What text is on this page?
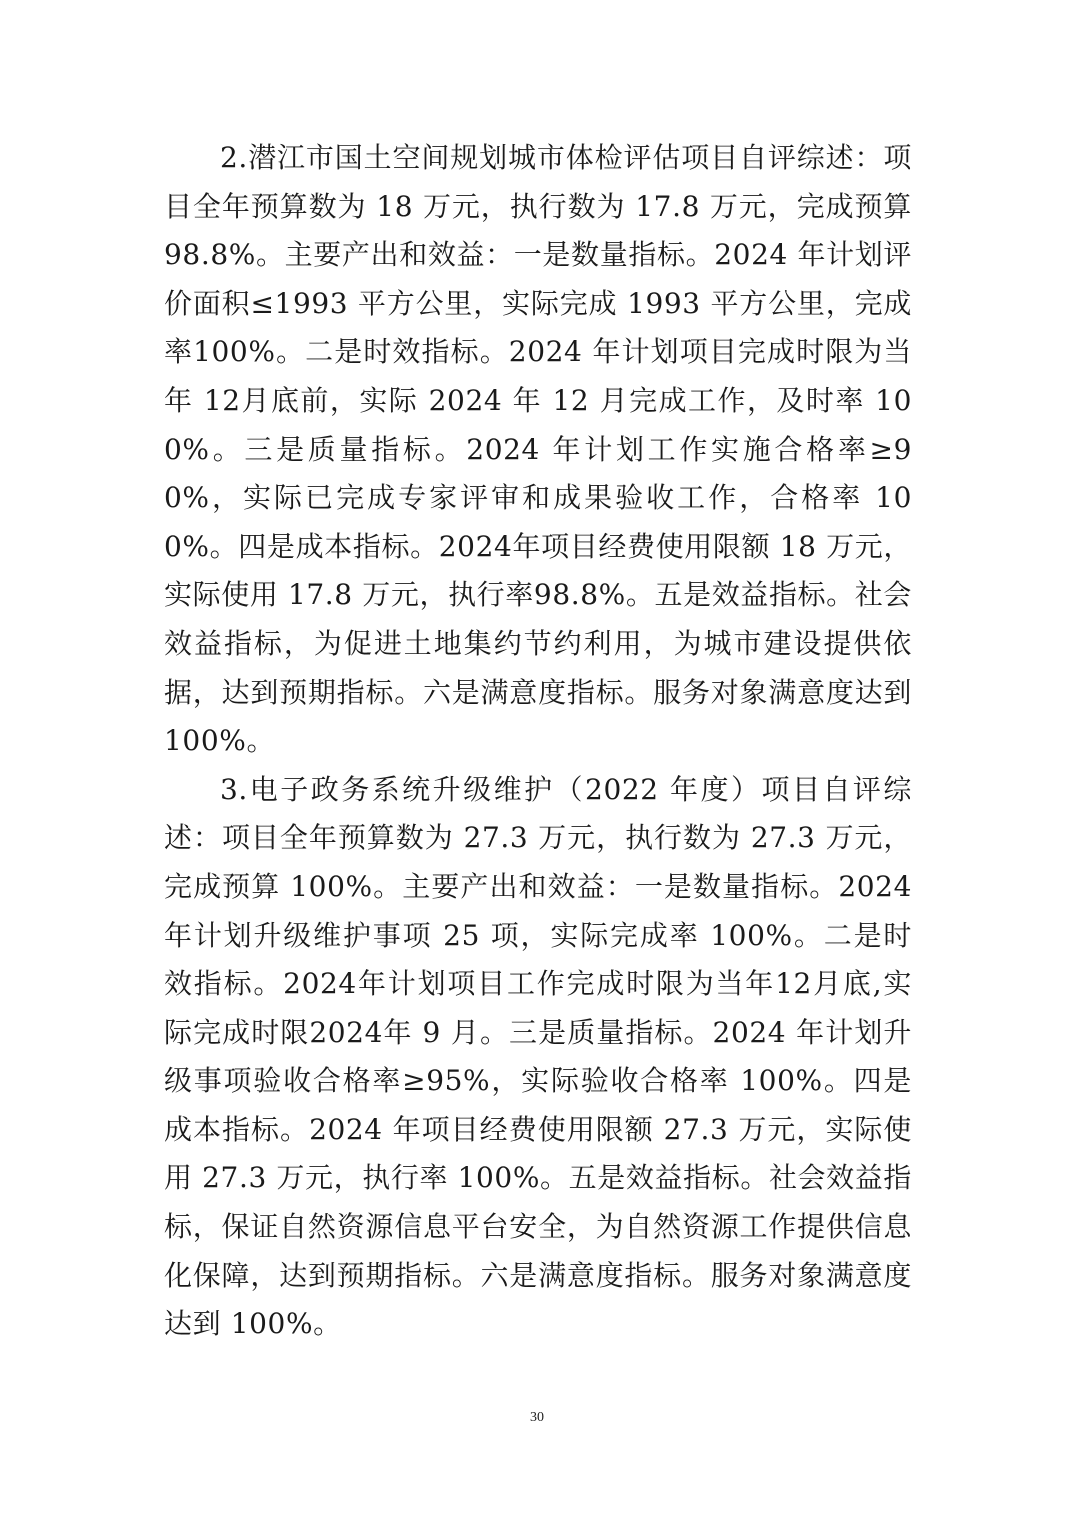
2.潜江市国土空间规划城市体检评估项目自评综述：项目全年预算数为 18 万元，执行数为 17.8 万元，完成预算98.8%。主要产出和效益：一是数量指标。2024 年计划评价面积≤1993 平方公里，实际完成 1993 平方公里，完成率100%。二是时效指标。2024 年计划项目完成时限为当年 12月底前，实际 2024 年 12 月完成工作，及时率 100%。三是质量指标。2024 年计划工作实施合格率≥90%，实际已完成专家评审和成果验收工作，合格率 100%。四是成本指标。2024年项目经费使用限额 18 万元，实际使用 17.8 万元，执行率98.8%。五是效益指标。社会效益指标，为促进土地集约节约利用，为城市建设提供依据，达到预期指标。六是满意度指标。服务对象满意度达到 100%。

3.电子政务系统升级维护（2022 年度）项目自评综述：项目全年预算数为 27.3 万元，执行数为 27.3 万元，完成预算 100%。主要产出和效益：一是数量指标。2024 年计划升级维护事项 25 项，实际完成率 100%。二是时效指标。2024年计划项目工作完成时限为当年12月底,实际完成时限2024年 9 月。三是质量指标。2024 年计划升级事项验收合格率≥95%，实际验收合格率 100%。四是成本指标。2024 年项目经费使用限额 27.3 万元，实际使用 27.3 万元，执行率 100%。五是效益指标。社会效益指标，保证自然资源信息平台安全，为自然资源工作提供信息化保障，达到预期指标。六是满意度指标。服务对象满意度达到 100%。

30
